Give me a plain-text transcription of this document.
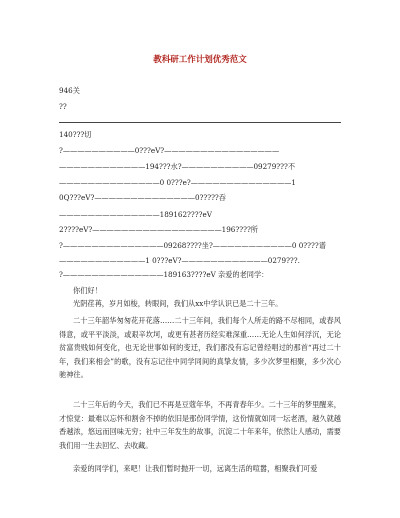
教科研工作计划优秀范文
946关
??
140???切
?——————————0???eV?————————————————
————————————194???水?——————————09279???不
——————————————0 0???e?——————————————1
0Q???eV?——————————————0?????吞
——————————————189162????eV
2????eV?——————————————————196????所
?——————————————09268????坐?———————————0 0????谱
————————————1 0???eV?————————————0279???.
?——————————————189163????eV 亲爱的老同学：
你们好！
光阴荏苒，岁月如梭，转眼间，我们从xx中学认识已是二十三年。
二十三年韶华匆匆花开花落……二十三年间，我们每个人所走的路不尽相同，或春风得意，或平平淡淡，或艰辛坎坷，或更有甚者历经实难深重……无论人生如何浮沉，无论贫富贵贱如何变化，也无论世事如何的变迁，我们都没有忘记曾经唱过的那首“再过二十年，我们来相会”的歌，没有忘记往中同学同间的真挚友情，多少次梦里相聚，多少次心驰神往。
二十三年后的今天，我们已不再是豆蔻年华，不再青春年少。二十三年的梦里醒来，才惊觉：最难以忘怀和割舍不掉的依旧是那份同学情，这份情就如同一坛老酒，越久就越香越浓，悠远而回味无穷；社中三年发生的故事，沉淀二十年来年，依然让人感动，需要我们用一生去回忆、去收藏。
亲爱的同学们，来吧！让我们暂时抛开一切，远离生活的喧嚣，相聚我们可爱
